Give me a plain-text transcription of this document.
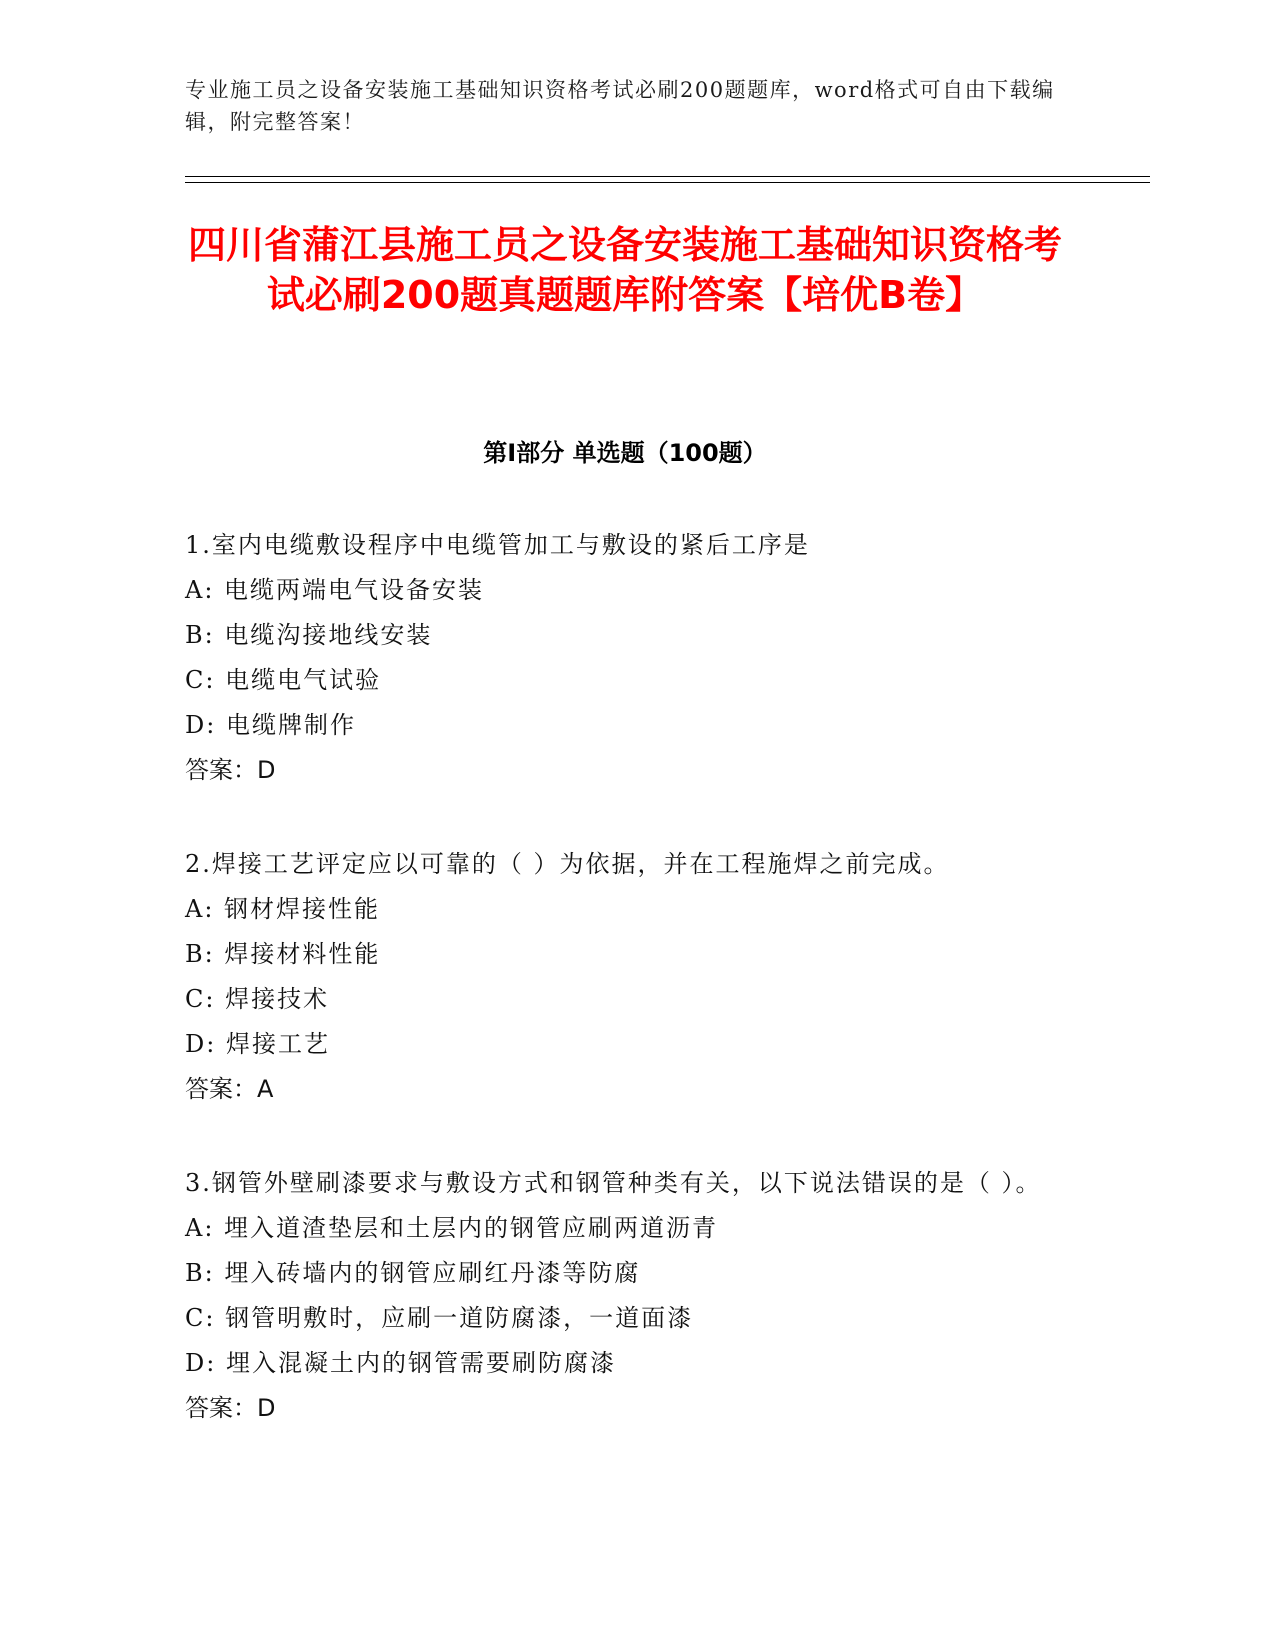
专业施工员之设备安装施工基础知识资格考试必刷200题题库，word格式可自由下载编辑，附完整答案！
四川省蒲江县施工员之设备安装施工基础知识资格考试必刷200题真题题库附答案【培优B卷】
第Ⅰ部分 单选题（100题）

1.室内电缆敷设程序中电缆管加工与敷设的紧后工序是

A: 电缆两端电气设备安装

B: 电缆沟接地线安装

C: 电缆电气试验

D: 电缆牌制作

答案：D

2.焊接工艺评定应以可靠的（ ）为依据，并在工程施焊之前完成。

A: 钢材焊接性能

B: 焊接材料性能

C: 焊接技术

D: 焊接工艺

答案：A

3.钢管外壁刷漆要求与敷设方式和钢管种类有关，以下说法错误的是（ ）。

A: 埋入道渣垫层和土层内的钢管应刷两道沥青

B: 埋入砖墙内的钢管应刷红丹漆等防腐

C: 钢管明敷时，应刷一道防腐漆，一道面漆

D: 埋入混凝土内的钢管需要刷防腐漆

答案：D
